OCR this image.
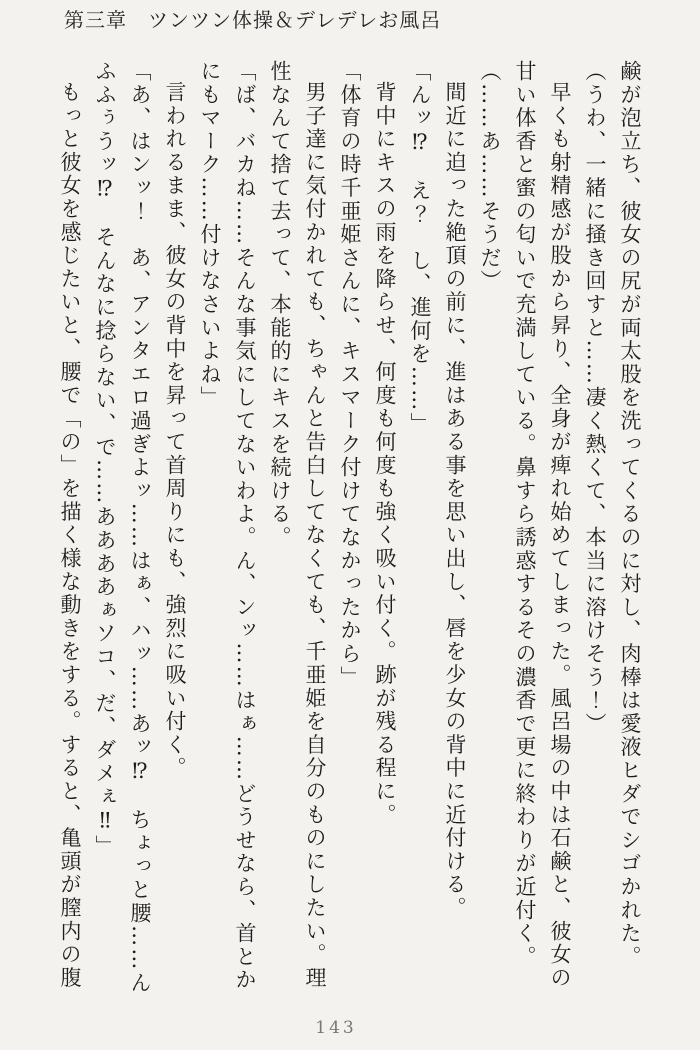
第三章　ツンツン体操＆デレデレお風呂

鹸が泡立ち、彼女の尻が両太股を洗ってくるのに対し、肉棒は愛液ヒダでシゴかれた。

（うわ、一緒に掻き回すと……凄く熱くて、本当に溶けそう！）

早くも射精感が股から昇り、全身が痺れ始めてしまった。風呂場の中は石鹸と、彼女の甘い体香と蜜の匂いで充満している。鼻すら誘惑するその濃香で更に終わりが近付く。

（……あ……そうだ）

間近に迫った絶頂の前に、進はある事を思い出し、唇を少女の背中に近付ける。

「んッ⁉　え？　し、進何を……」

背中にキスの雨を降らせ、何度も何度も強く吸い付く。跡が残る程に。

「体育の時千亜姫さんに、キスマーク付けてなかったから」

男子達に気付かれても、ちゃんと告白してなくても、千亜姫を自分のものにしたい。理性なんて捨て去って、本能的にキスを続ける。

「ば、バカね……そんな事気にしてないわよ。ん、ンッ……はぁ……どうせなら、首とかにもマーク……付けなさいよね」

言われるまま、彼女の背中を昇って首周りにも、強烈に吸い付く。

「あ、はンッ！　あ、アンタエロ過ぎよッ……はぁ、ハッ……あッ⁉　ちょっと腰……んふふぅうッ⁉　そんなに捻らない、で……ああああぁソコ、だ、ダメぇ‼」

もっと彼女を感じたいと、腰で「の」を描く様な動きをする。すると、亀頭が膣内の腹

143
